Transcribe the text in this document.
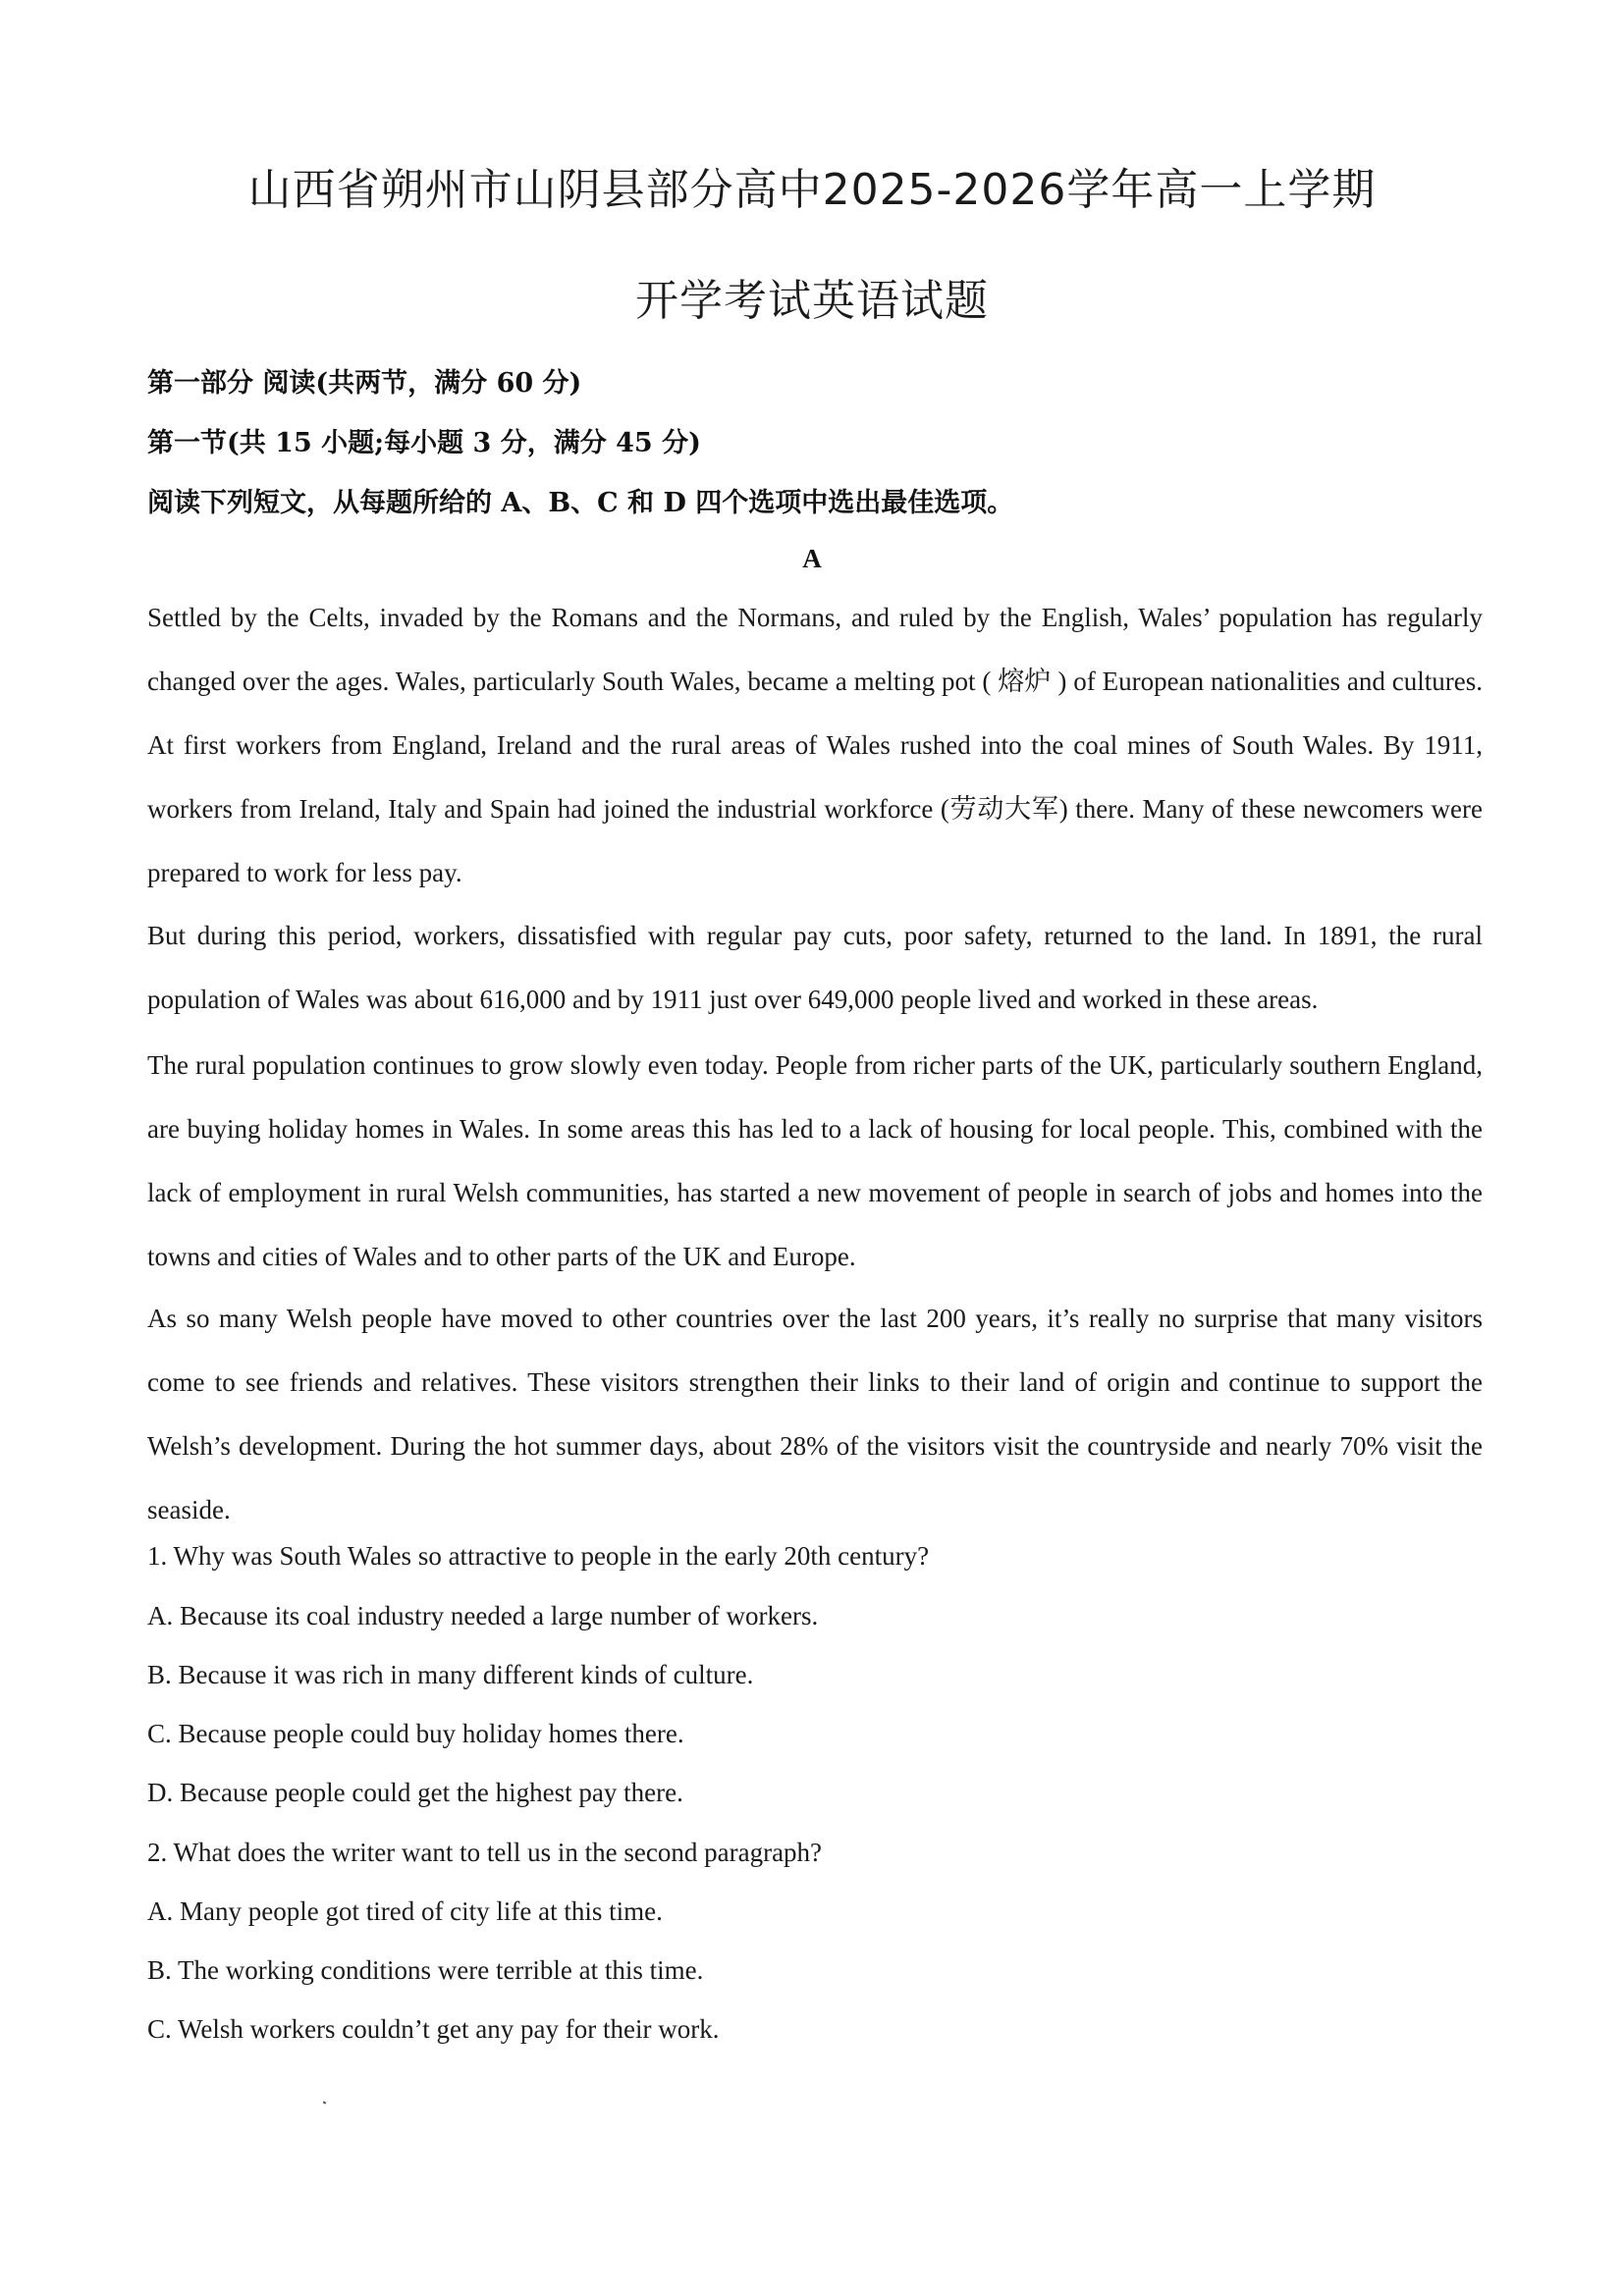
山西省朔州市山阴县部分高中2025-2026学年高一上学期
开学考试英语试题
第一部分 阅读(共两节，满分 60 分)
第一节(共 15 小题;每小题 3 分，满分 45 分)
阅读下列短文，从每题所给的 A、B、C 和 D 四个选项中选出最佳选项。
A
Settled by the Celts, invaded by the Romans and the Normans, and ruled by the English, Wales’ population has regularly changed over the ages. Wales, particularly South Wales, became a melting pot ( 熔炉 ) of European nationalities and cultures. At first workers from England, Ireland and the rural areas of Wales rushed into the coal mines of South Wales. By 1911, workers from Ireland, Italy and Spain had joined the industrial workforce (劳动大军) there. Many of these newcomers were prepared to work for less pay.
But during this period, workers, dissatisfied with regular pay cuts, poor safety, returned to the land. In 1891, the rural population of Wales was about 616,000 and by 1911 just over 649,000 people lived and worked in these areas.
The rural population continues to grow slowly even today. People from richer parts of the UK, particularly southern England, are buying holiday homes in Wales. In some areas this has led to a lack of housing for local people. This, combined with the lack of employment in rural Welsh communities, has started a new movement of people in search of jobs and homes into the towns and cities of Wales and to other parts of the UK and Europe.
As so many Welsh people have moved to other countries over the last 200 years, it’s really no surprise that many visitors come to see friends and relatives. These visitors strengthen their links to their land of origin and continue to support the Welsh’s development. During the hot summer days, about 28% of the visitors visit the countryside and nearly 70% visit the seaside.
1. Why was South Wales so attractive to people in the early 20th century?
A. Because its coal industry needed a large number of workers.
B. Because it was rich in many different kinds of culture.
C. Because people could buy holiday homes there.
D. Because people could get the highest pay there.
2. What does the writer want to tell us in the second paragraph?
A. Many people got tired of city life at this time.
B. The working conditions were terrible at this time.
C. Welsh workers couldn’t get any pay for their work.
